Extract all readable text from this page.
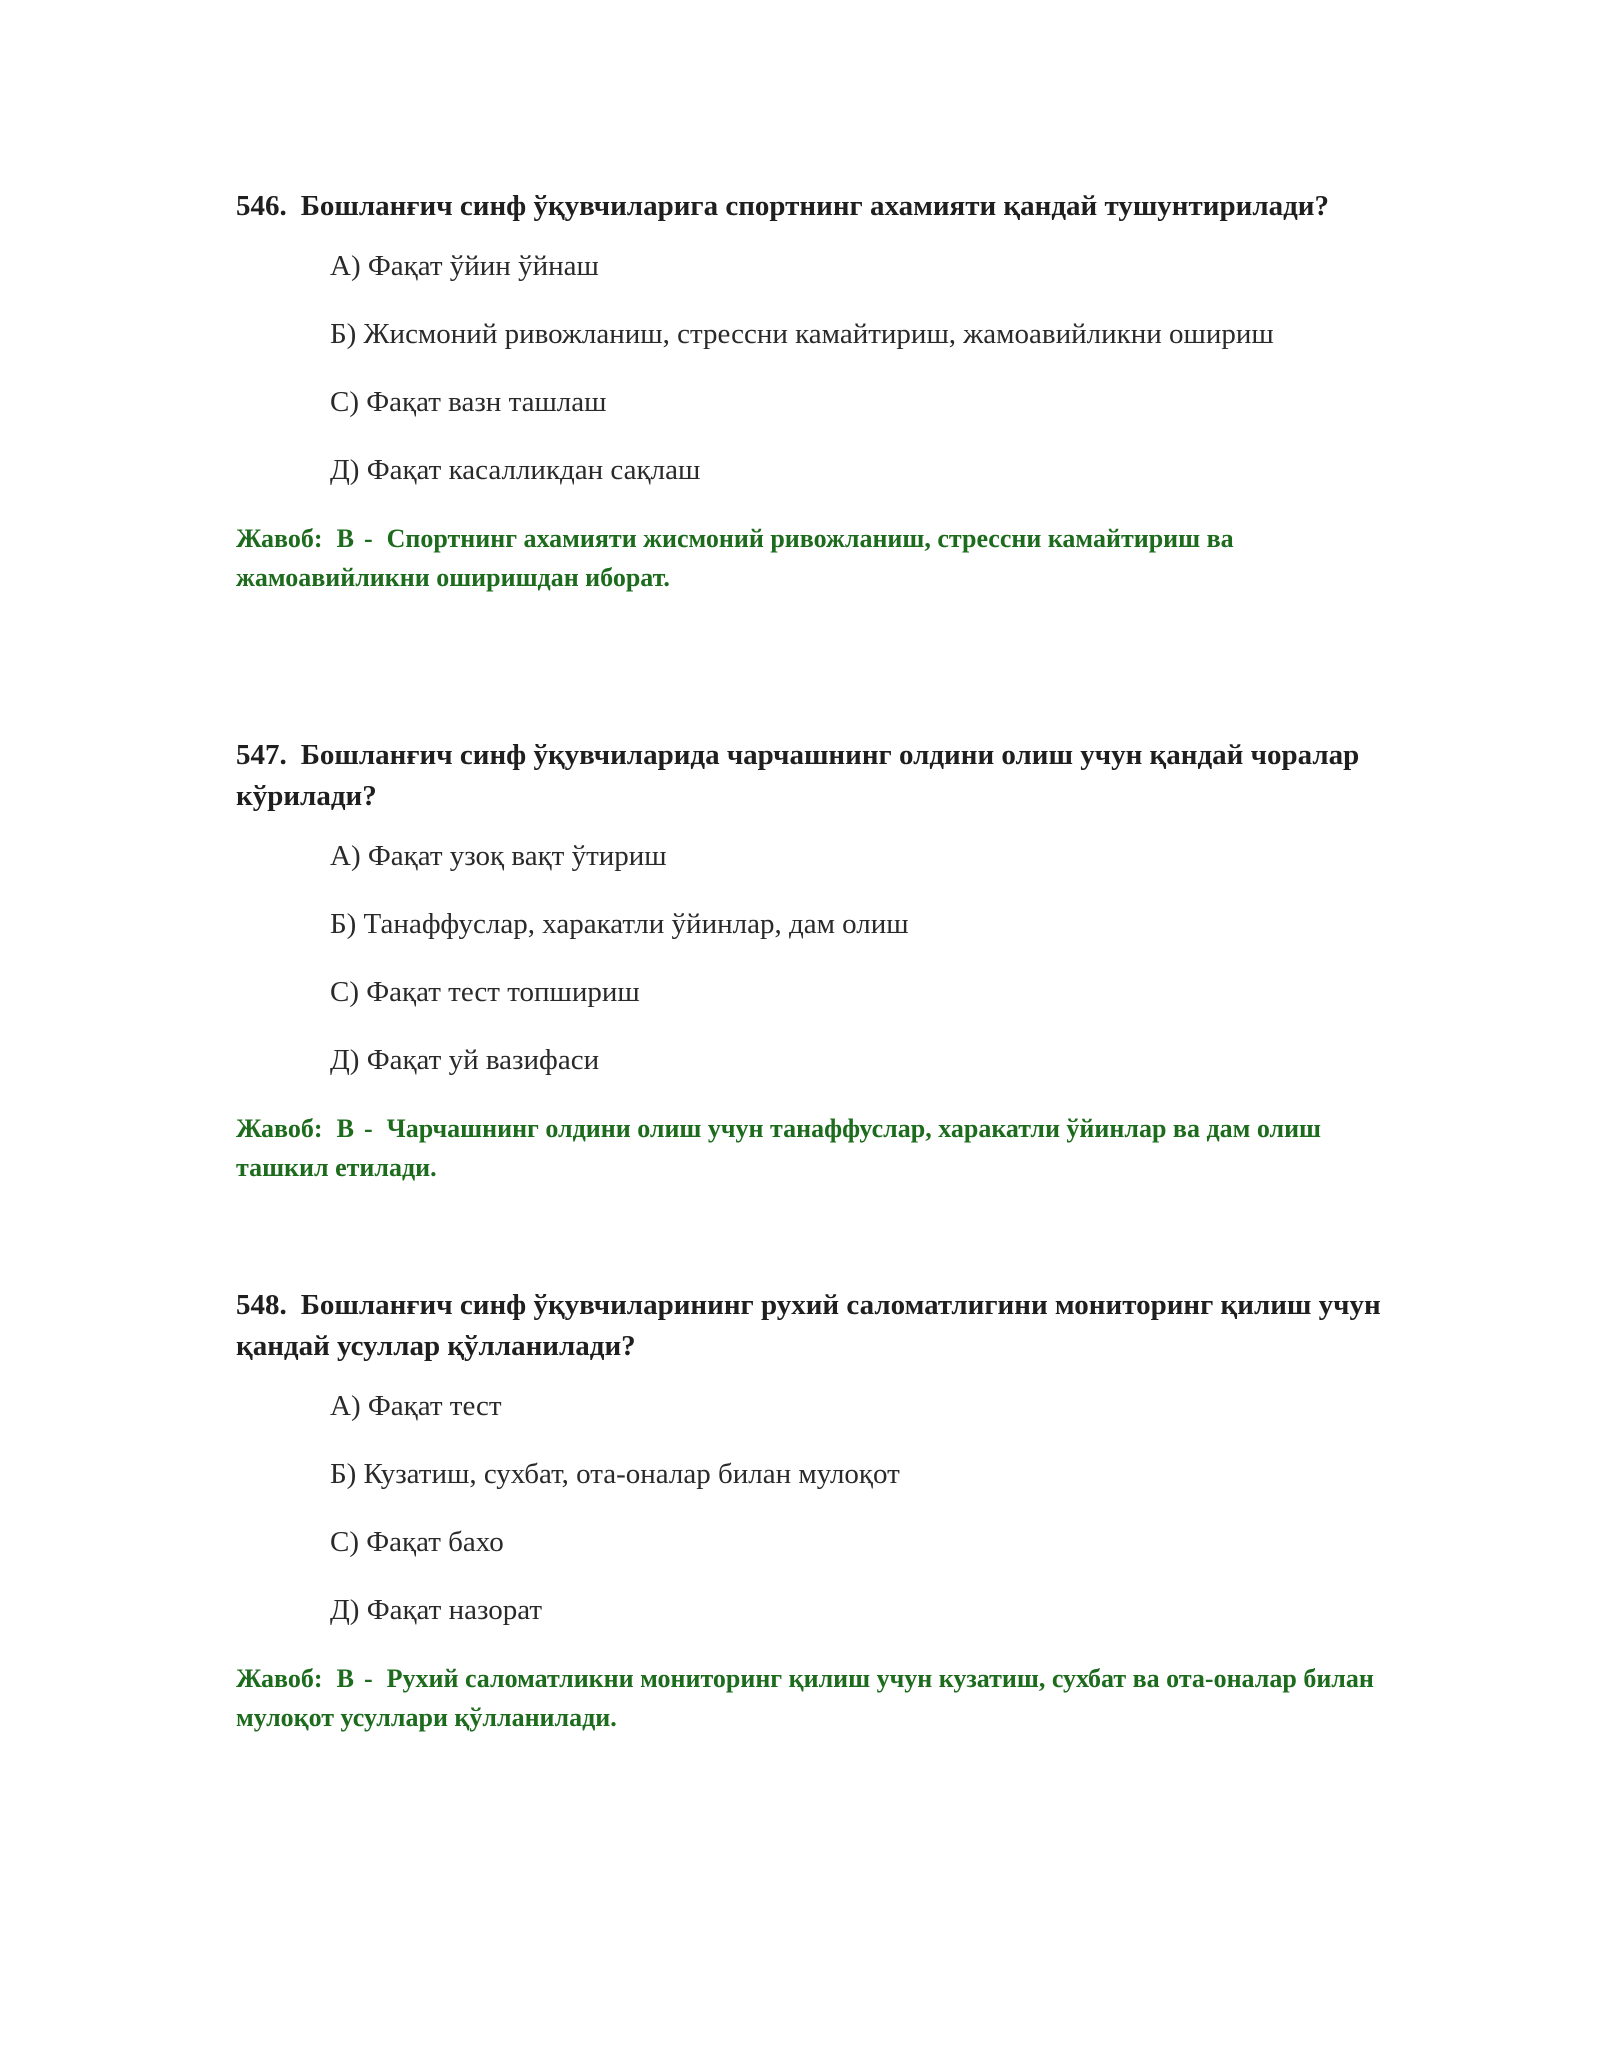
546. Бошланғич синф ўқувчиларига спортнинг ахамияти қандай тушунтирилади?

А) Фақат ўйин ўйнаш
Б) Жисмоний ривожланиш, стрессни камайтириш, жамоавийликни ошириш
С) Фақат вазн ташлаш
Д) Фақат касалликдан сақлаш
Жавоб: B - Спортнинг ахамияти жисмоний ривожланиш, стрессни камайтириш ва жамоавийликни оширишдан иборат.

547. Бошланғич синф ўқувчиларида чарчашнинг олдини олиш учун қандай чоралар кўрилади?

А) Фақат узоқ вақт ўтириш
Б) Танаффуслар, харакатли ўйинлар, дам олиш
С) Фақат тест топшириш
Д) Фақат уй вазифаси
Жавоб: B - Чарчашнинг олдини олиш учун танаффуслар, харакатли ўйинлар ва дам олиш ташкил етилади.

548. Бошланғич синф ўқувчиларининг рухий саломатлигини мониторинг қилиш учун қандай усуллар қўлланилади?

А) Фақат тест
Б) Кузатиш, сухбат, ота-оналар билан мулоқот
С) Фақат бахо
Д) Фақат назорат
Жавоб: B - Рухий саломатликни мониторинг қилиш учун кузатиш, сухбат ва ота-оналар билан мулоқот усуллари қўлланилади.
